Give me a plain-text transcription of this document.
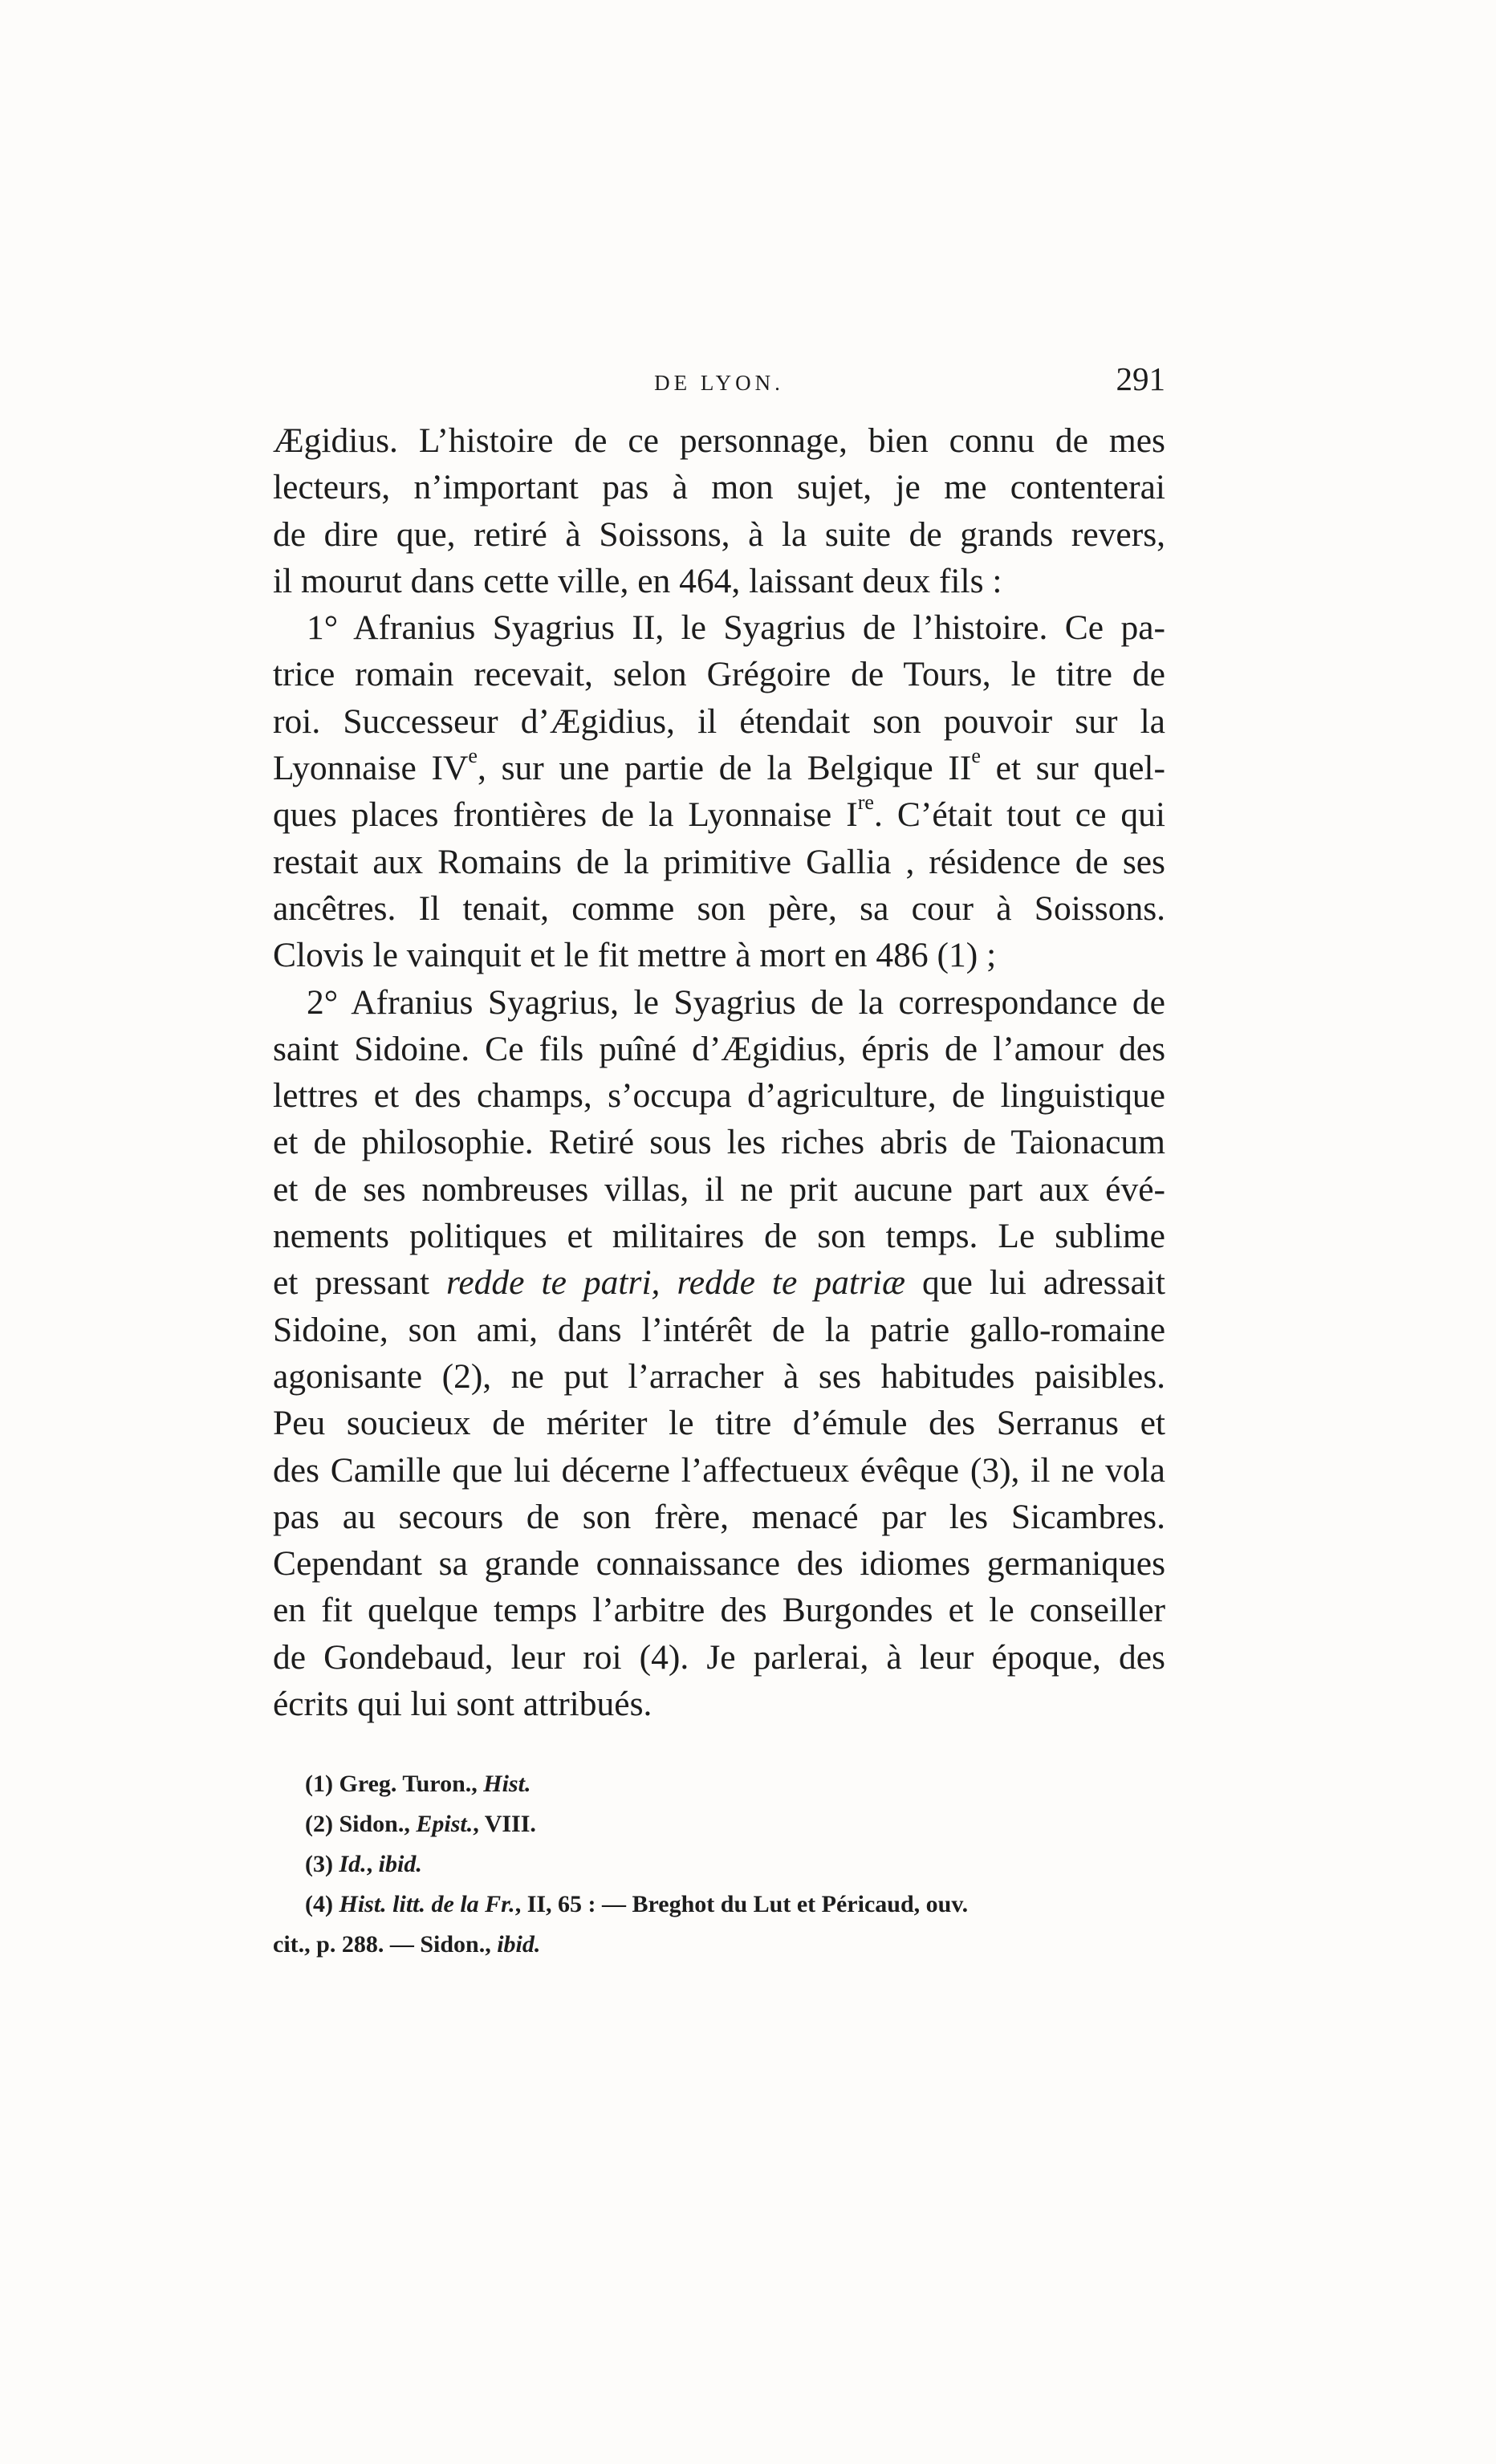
DE LYON.	291
Ægidius. L’histoire de ce personnage, bien connu de mes
lecteurs, n’important pas à mon sujet, je me contenterai
de dire que, retiré à Soissons, à la suite de grands revers,
il mourut dans cette ville, en 464, laissant deux fils :
1° Afranius Syagrius II, le Syagrius de l’histoire. Ce pa-
trice romain recevait, selon Grégoire de Tours, le titre de
roi. Successeur d’Ægidius, il étendait son pouvoir sur la
Lyonnaise IVe, sur une partie de la Belgique IIe et sur quel-
ques places frontières de la Lyonnaise Ire. C’était tout ce qui
restait aux Romains de la primitive Gallia , résidence de ses
ancêtres. Il tenait, comme son père, sa cour à Soissons.
Clovis le vainquit et le fit mettre à mort en 486 (1) ;
2° Afranius Syagrius, le Syagrius de la correspondance de
saint Sidoine. Ce fils puîné d’Ægidius, épris de l’amour des
lettres et des champs, s’occupa d’agriculture, de linguistique
et de philosophie. Retiré sous les riches abris de Taionacum
et de ses nombreuses villas, il ne prit aucune part aux évé-
nements politiques et militaires de son temps. Le sublime
et pressant redde te patri, redde te patriæ que lui adressait
Sidoine, son ami, dans l’intérêt de la patrie gallo-romaine
agonisante (2), ne put l’arracher à ses habitudes paisibles.
Peu soucieux de mériter le titre d’émule des Serranus et
des Camille que lui décerne l’affectueux évêque (3), il ne vola
pas au secours de son frère, menacé par les Sicambres.
Cependant sa grande connaissance des idiomes germaniques
en fit quelque temps l’arbitre des Burgondes et le conseiller
de Gondebaud, leur roi (4). Je parlerai, à leur époque, des
écrits qui lui sont attribués.
(1) Greg. Turon., Hist.
(2) Sidon., Epist., VIII.
(3) Id., ibid.
(4) Hist. litt. de la Fr., II, 65 : — Breghot du Lut et Péricaud, ouv.
cit., p. 288. — Sidon., ibid.
